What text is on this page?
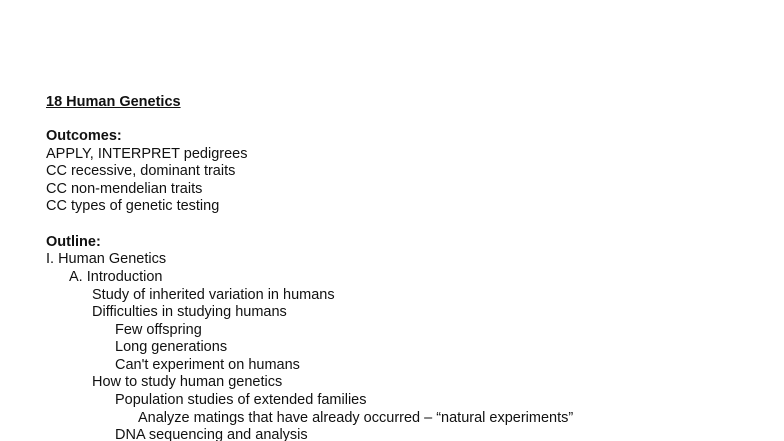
18 Human Genetics
Outcomes:
APPLY, INTERPRET pedigrees
CC recessive, dominant traits
CC non-mendelian traits
CC types of genetic testing
Outline:
I. Human Genetics
A. Introduction
Study of inherited variation in humans
Difficulties in studying humans
Few offspring
Long generations
Can't experiment on humans
How to study human genetics
Population studies of extended families
Analyze matings that have already occurred – “natural experiments”
DNA sequencing and analysis
